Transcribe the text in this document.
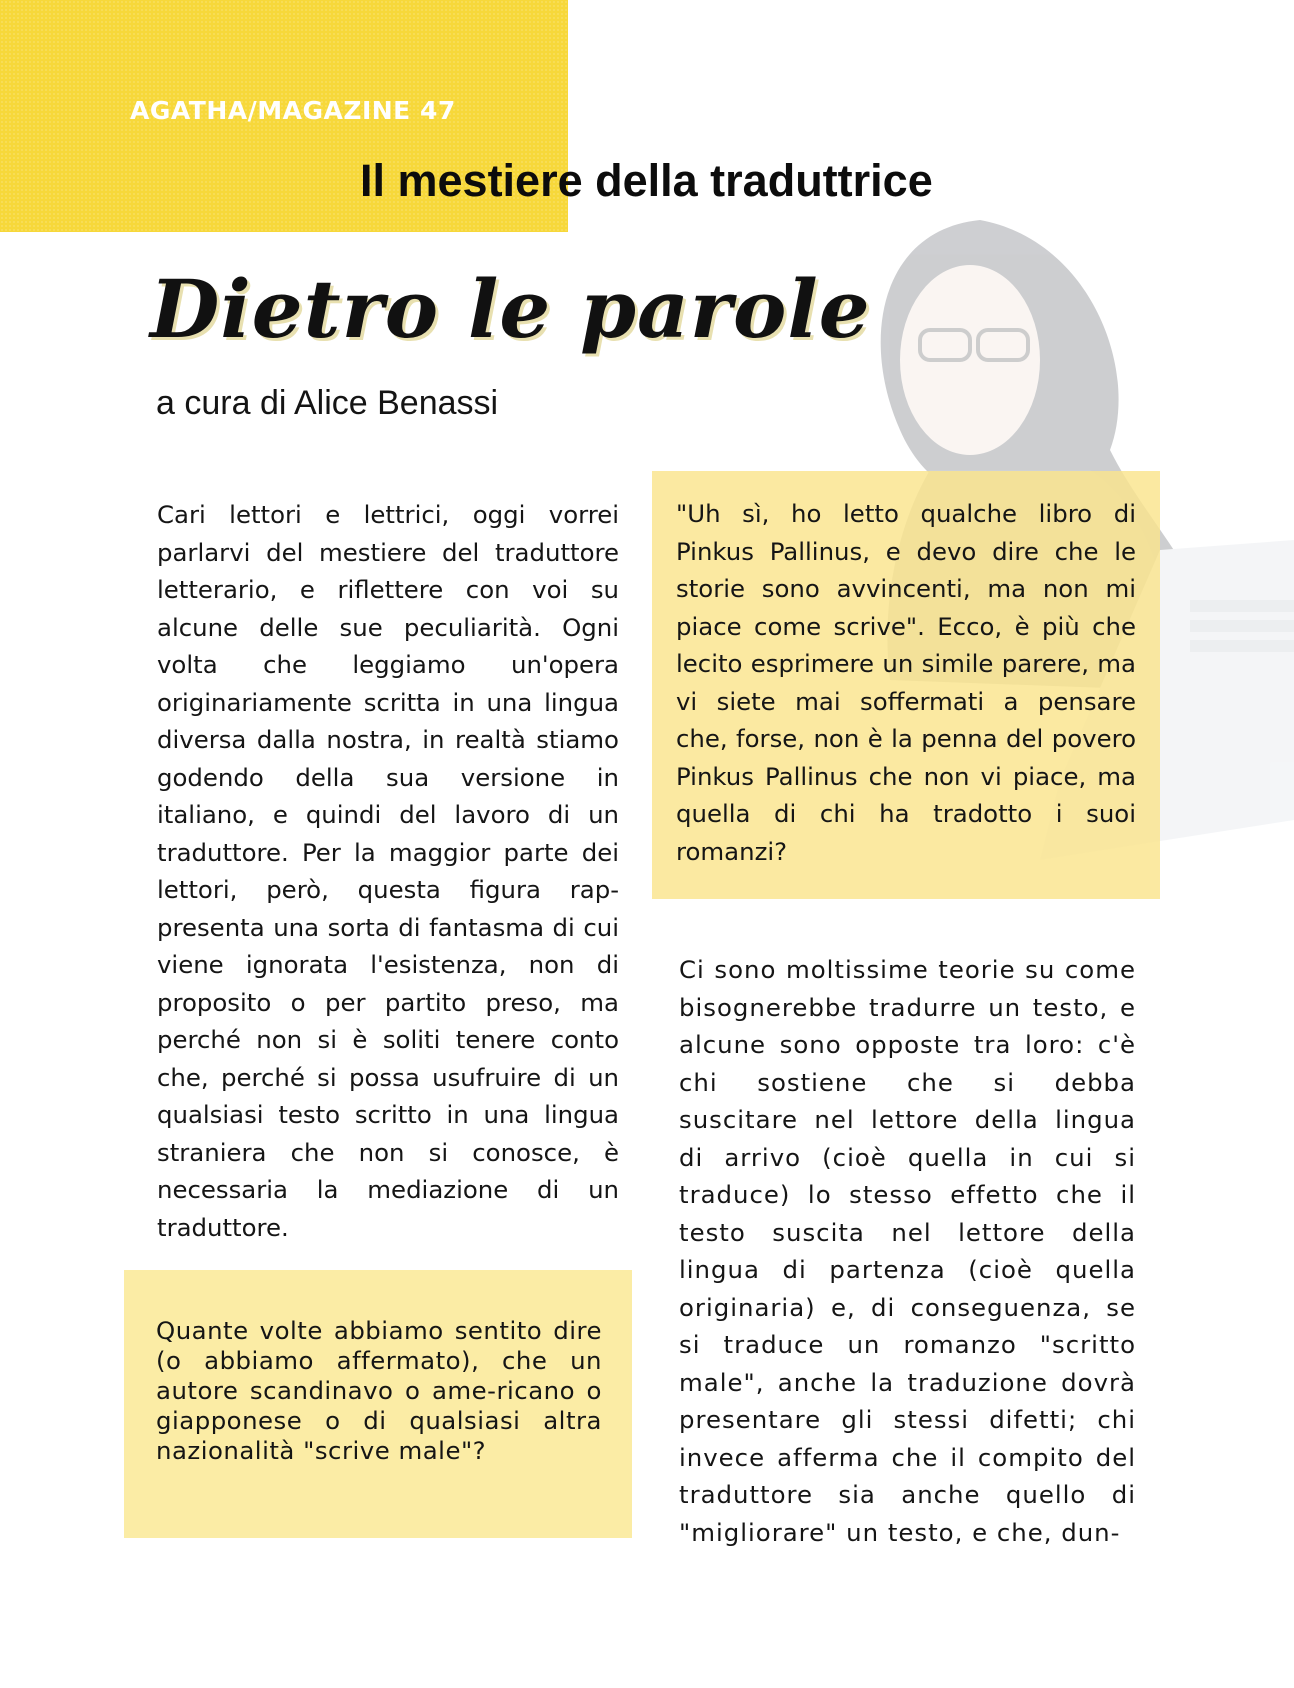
AGATHA/MAGAZINE 47
Il mestiere della traduttrice
Dietro le parole
a cura di Alice Benassi

Cari lettori e lettrici, oggi vorrei parlarvi del mestiere del traduttore letterario, e riflettere con voi su alcune delle sue peculiarità. Ogni volta che leggiamo un'opera originariamente scritta in una lingua diversa dalla nostra, in realtà stiamo godendo della sua versione in italiano, e quindi del lavoro di un traduttore. Per la maggior parte dei lettori, però, questa figura rap-presenta una sorta di fantasma di cui viene ignorata l'esistenza, non di proposito o per partito preso, ma perché non si è soliti tenere conto che, perché si possa usufruire di un qualsiasi testo scritto in una lingua straniera che non si conosce, è necessaria la mediazione di un traduttore.

"Uh sì, ho letto qualche libro di Pinkus Pallinus, e devo dire che le storie sono avvincenti, ma non mi piace come scrive". Ecco, è più che lecito esprimere un simile parere, ma vi siete mai soffermati a pensare che, forse, non è la penna del povero Pinkus Pallinus che non vi piace, ma quella di chi ha tradotto i suoi romanzi?

Quante volte abbiamo sentito dire (o abbiamo affermato), che un autore scandinavo o ame-ricano o giapponese o di qualsiasi altra nazionalità "scrive male"?

Ci sono moltissime teorie su come bisognerebbe tradurre un testo, e alcune sono opposte tra loro: c'è chi sostiene che si debba suscitare nel lettore della lingua di arrivo (cioè quella in cui si traduce) lo stesso effetto che il testo suscita nel lettore della lingua di partenza (cioè quella originaria) e, di conseguenza, se si traduce un romanzo "scritto male", anche la traduzione dovrà presentare gli stessi difetti; chi invece afferma che il compito del traduttore sia anche quello di "migliorare" un testo, e che, dun-
